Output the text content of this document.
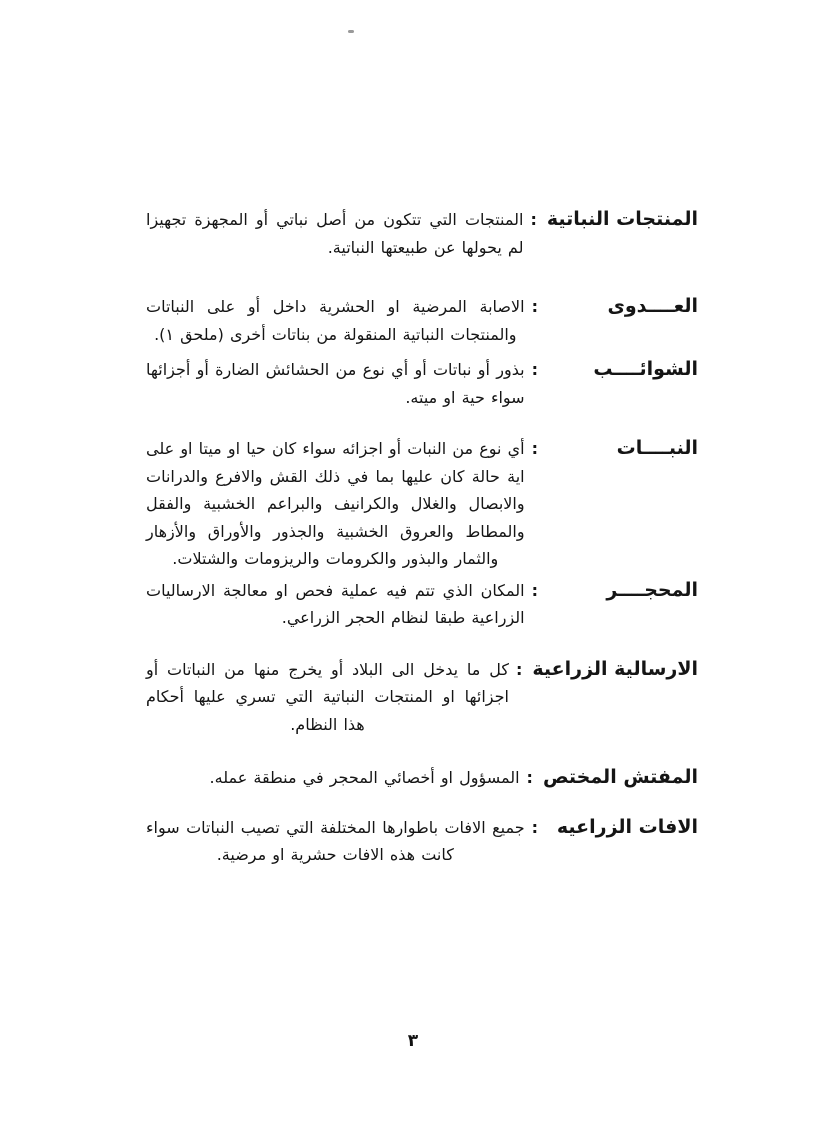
المنتجات النباتية
:

المنتجات التي تتكون من أصل نباتي أو المجهزة تجهيزا لم يحولها عن طبيعتها النباتية.

العــــدوى
:

الاصابة المرضية او الحشرية داخل أو على النباتات والمنتجات النباتية المنقولة من بناتات أخرى (ملحق ١).

الشوائــــب
:

بذور أو نباتات أو أي نوع من الحشائش الضارة أو أجزائها سواء حية او ميته.

النبــــات
:

أي نوع من النبات أو اجزائه سواء كان حيا او ميتا او على اية حالة كان عليها بما في ذلك القش والافرع والدرانات والابصال والغلال والكرانيف والبراعم الخشبية والفقل والمطاط والعروق الخشبية والجذور والأوراق والأزهار والثمار والبذور والكرومات والريزومات والشتلات.

المحجــــر
:

المكان الذي تتم فيه عملية فحص او معالجة الارساليات الزراعية طبقا لنظام الحجر الزراعي.

الارسالية الزراعية
:

كل ما يدخل الى البلاد أو يخرج منها من النباتات أو اجزائها او المنتجات النباتية التي تسري عليها أحكام هذا النظام.

المفتش المختص
:

المسؤول او أخصائي المحجر في منطقة عمله.

الافات الزراعيه
:

جميع الافات باطوارها المختلفة التي تصيب النباتات سواء كانت هذه الافات حشرية او مرضية.

٣
